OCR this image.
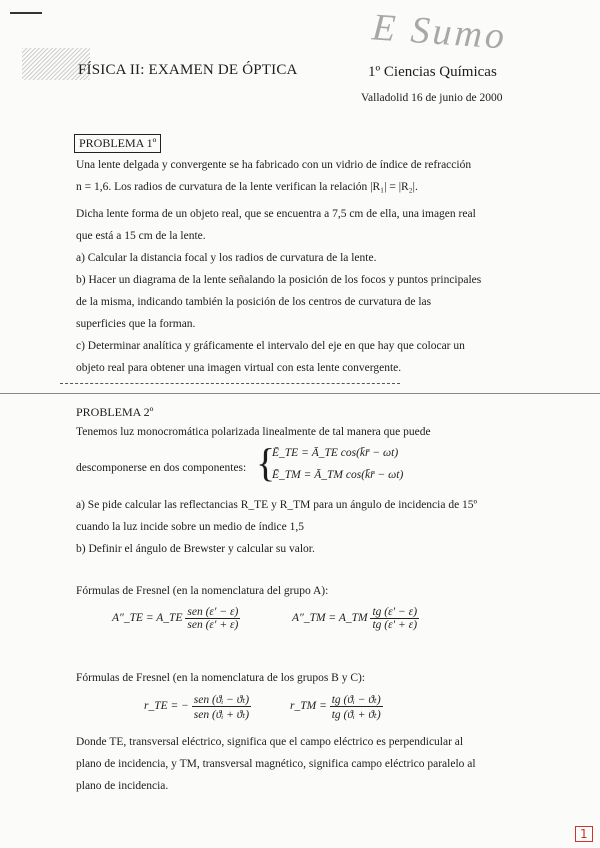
E Sumo
FÍSICA II: EXAMEN DE ÓPTICA	1º Ciencias Químicas
Valladolid 16 de junio de 2000
PROBLEMA 1º
Una lente delgada y convergente se ha fabricado con un vidrio de índice de refracción
n = 1,6. Los radios de curvatura de la lente verifican la relación |R₁| = |R₂|.
Dicha lente forma de un objeto real, que se encuentra a 7,5 cm de ella, una imagen real
que está a 15 cm de la lente.
a) Calcular la distancia focal y los radios de curvatura de la lente.
b) Hacer un diagrama de la lente señalando la posición de los focos y puntos principales
de la misma, indicando también la posición de los centros de curvatura de las
superficies que la forman.
c) Determinar analítica y gráficamente el intervalo del eje en que hay que colocar un
objeto real para obtener una imagen virtual con esta lente convergente.
PROBLEMA 2º
Tenemos luz monocromática polarizada linealmente de tal manera que puede
descomponerse en dos componentes: {
Ē_TE = Ā_TE cos(k̄r̄ − ωt)
Ē_TM = Ā_TM cos(k̄r̄ − ωt)
a) Se pide calcular las reflectancias R_TE y R_TM para un ángulo de incidencia de 15º
cuando la luz incide sobre un medio de índice 1,5
b) Definir el ángulo de Brewster y calcular su valor.
Fórmulas de Fresnel (en la nomenclatura del grupo A):
A″_TE = A_TE $\frac{\text{sen (ε′ − ε)}}{\text{sen (ε′ + ε)}}$	A″_TM = A_TM $\frac{tg (\varepsilon' - \varepsilon)}{tg (\varepsilon' + \varepsilon)}$
Fórmulas de Fresnel (en la nomenclatura de los grupos B y C):
r_TE = − $\frac{\text{sen (ϑᵢ − ϑₜ)}}{\text{sen (ϑᵢ + ϑₜ)}}$	r_TM = $\frac{\text{tg (ϑᵢ − ϑₜ)}}{\text{tg (ϑᵢ + ϑₜ)}}$
Donde TE, transversal eléctrico, significa que el campo eléctrico es perpendicular al
plano de incidencia, y TM, transversal magnético, significa campo eléctrico paralelo al
plano de incidencia.
1
